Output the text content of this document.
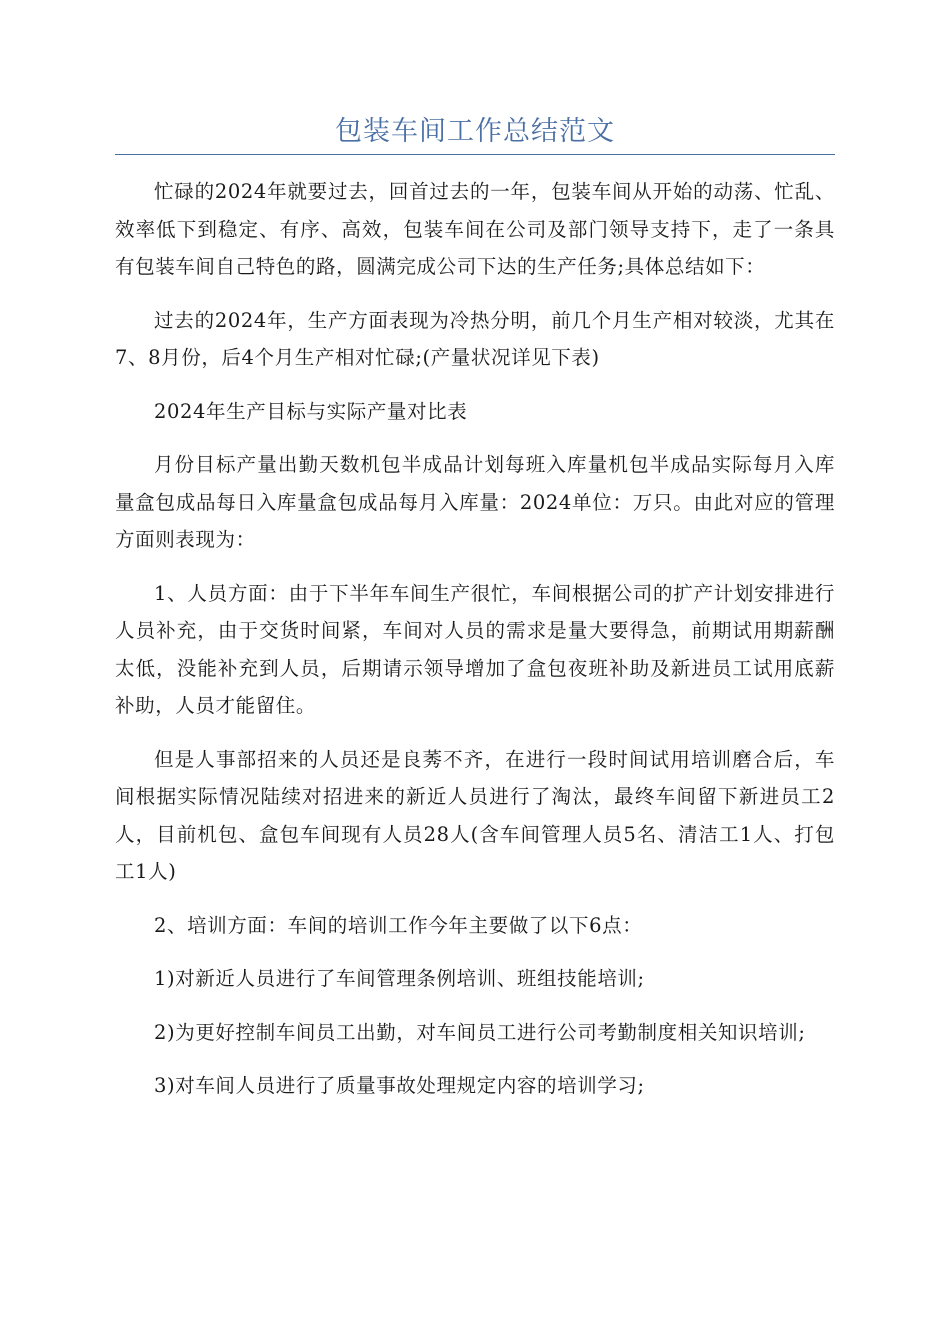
包装车间工作总结范文

忙碌的2024年就要过去，回首过去的一年，包装车间从开始的动荡、忙乱、效率低下到稳定、有序、高效，包装车间在公司及部门领导支持下，走了一条具有包装车间自己特色的路，圆满完成公司下达的生产任务;具体总结如下：

过去的2024年，生产方面表现为冷热分明，前几个月生产相对较淡，尤其在7、8月份，后4个月生产相对忙碌;(产量状况详见下表)

2024年生产目标与实际产量对比表

月份目标产量出勤天数机包半成品计划每班入库量机包半成品实际每月入库量盒包成品每日入库量盒包成品每月入库量：2024单位：万只。由此对应的管理方面则表现为：

1、人员方面：由于下半年车间生产很忙，车间根据公司的扩产计划安排进行人员补充，由于交货时间紧，车间对人员的需求是量大要得急，前期试用期薪酬太低，没能补充到人员，后期请示领导增加了盒包夜班补助及新进员工试用底薪补助，人员才能留住。

但是人事部招来的人员还是良莠不齐，在进行一段时间试用培训磨合后，车间根据实际情况陆续对招进来的新近人员进行了淘汰，最终车间留下新进员工2人，目前机包、盒包车间现有人员28人(含车间管理人员5名、清洁工1人、打包工1人)

2、培训方面：车间的培训工作今年主要做了以下6点：

1)对新近人员进行了车间管理条例培训、班组技能培训;

2)为更好控制车间员工出勤，对车间员工进行公司考勤制度相关知识培训;

3)对车间人员进行了质量事故处理规定内容的培训学习;
